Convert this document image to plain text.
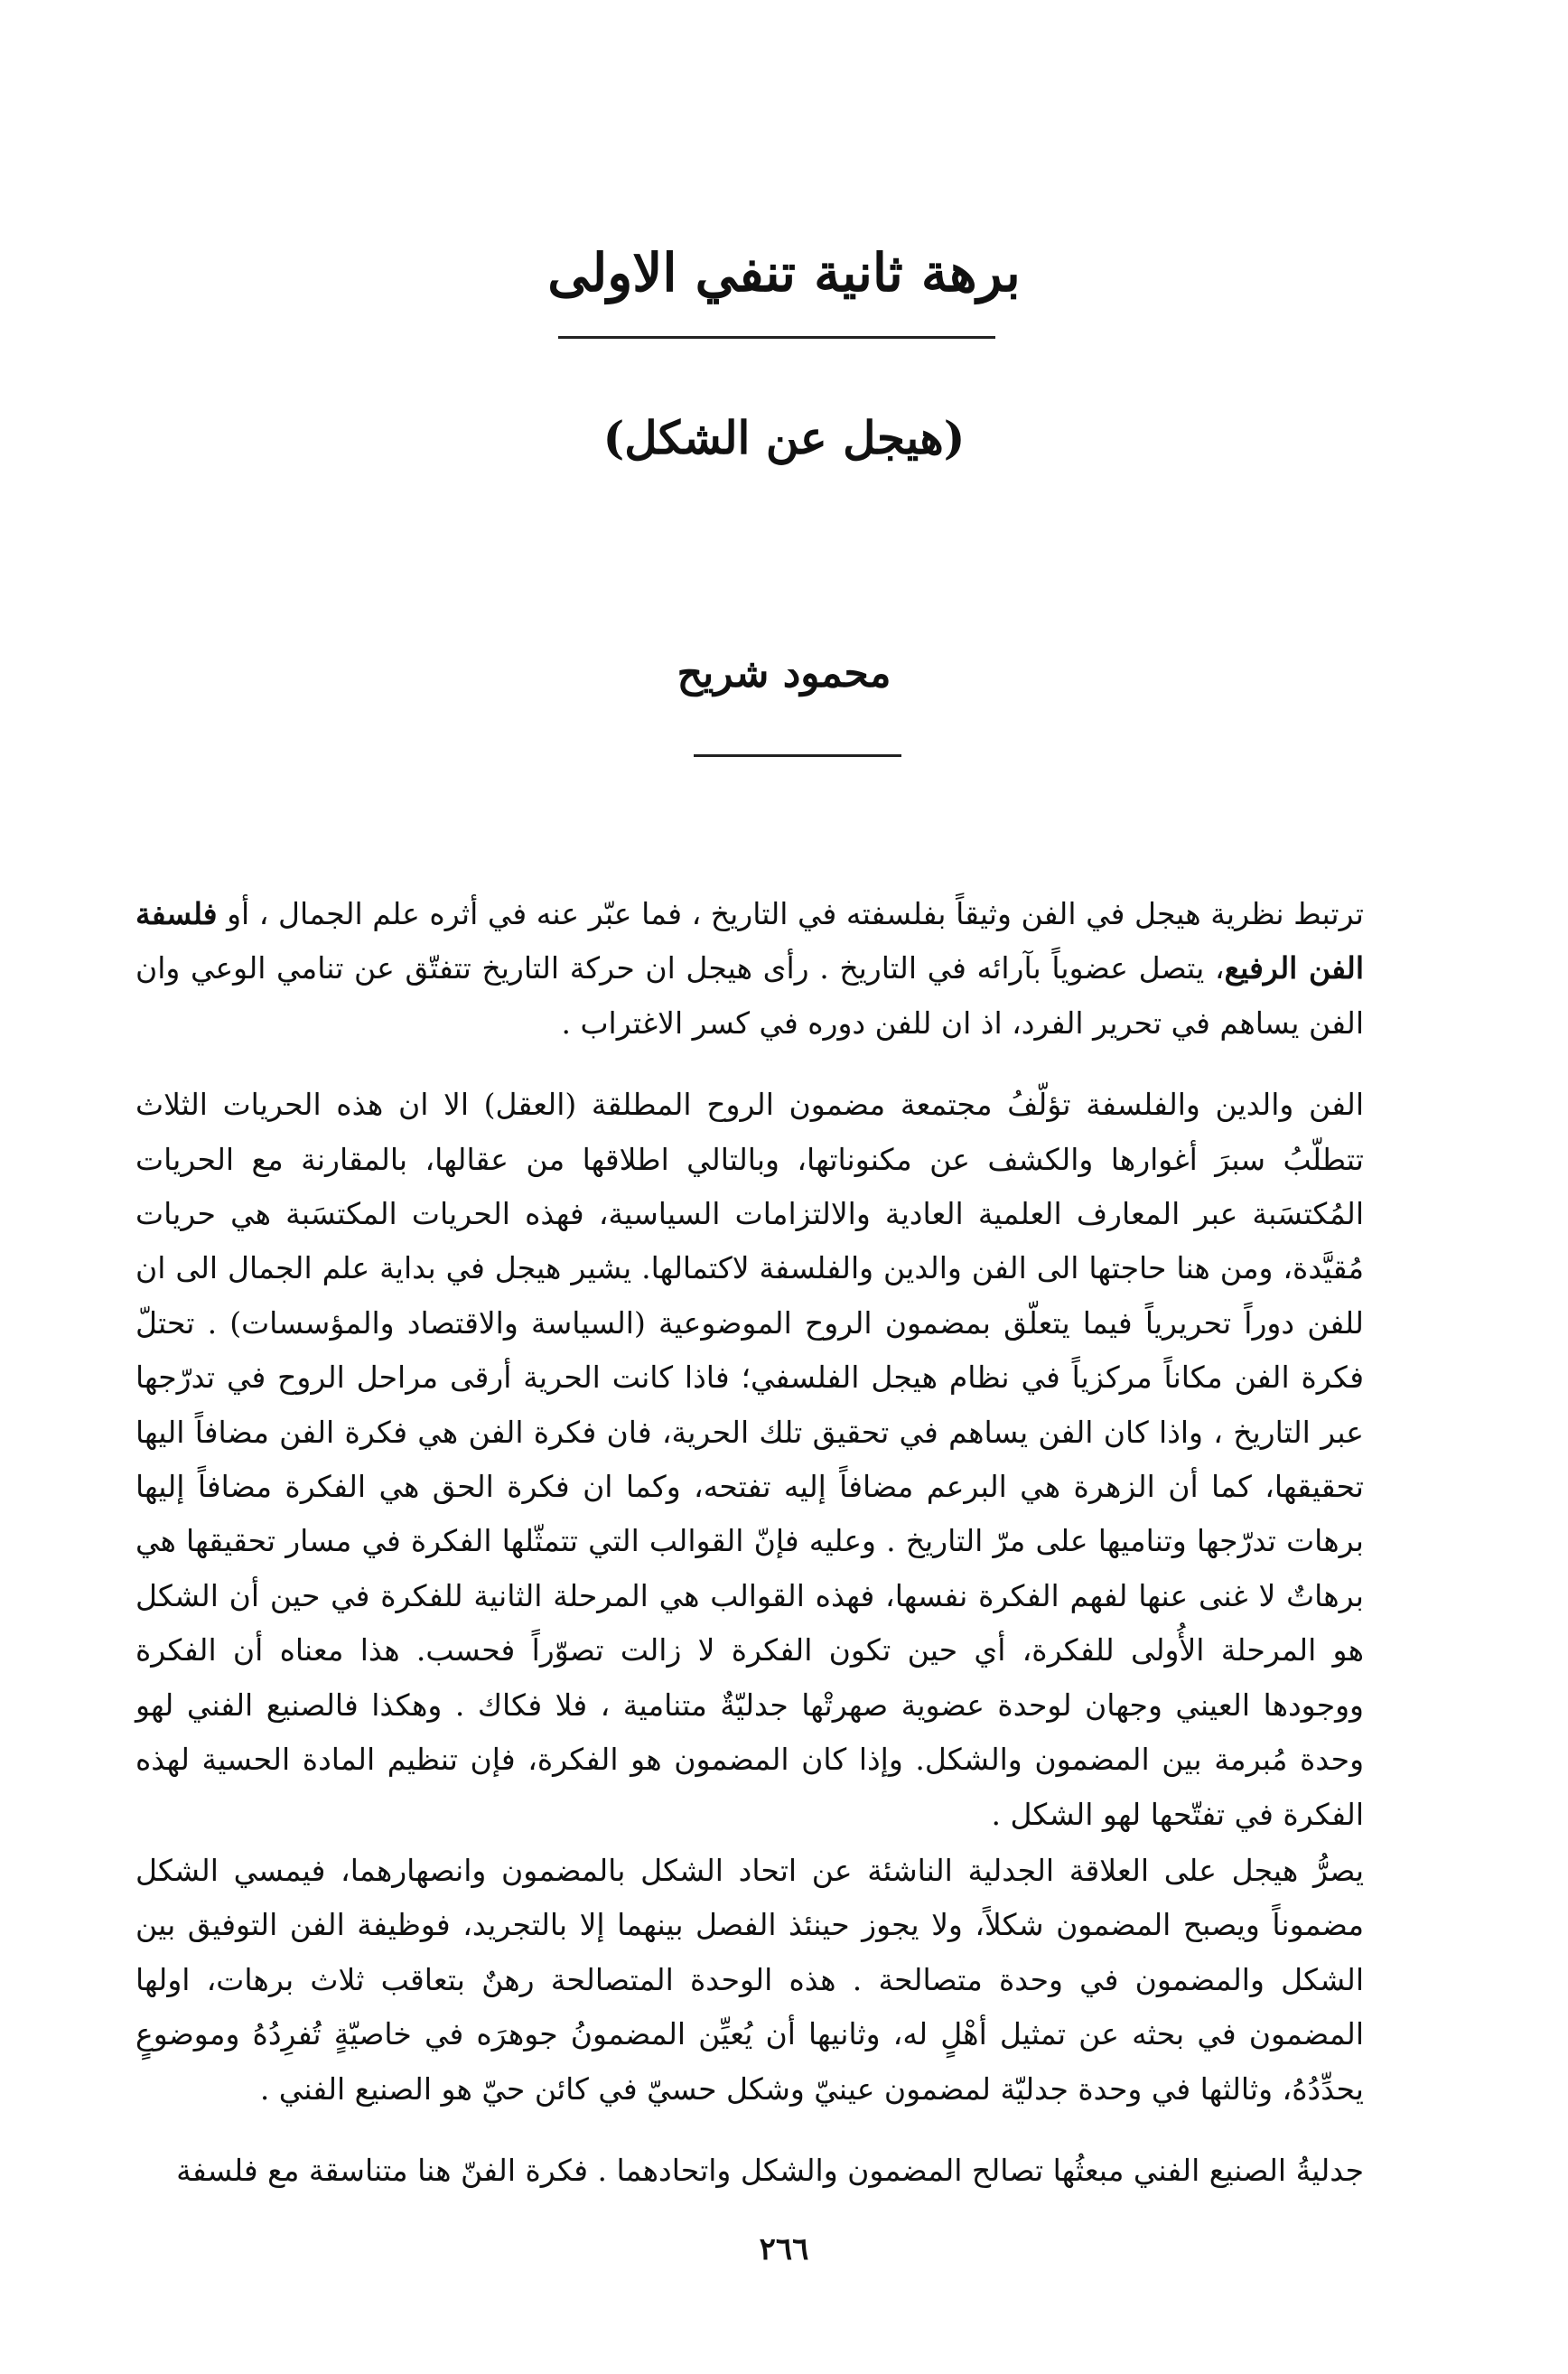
برهة ثانية تنفي الاولى
(هيجل عن الشكل)
محمود شريح

ترتبط نظرية هيجل في الفن وثيقاً بفلسفته في التاريخ ، فما عبّر عنه في أثره علم الجمال ، أو فلسفة الفن الرفيع، يتصل عضوياً بآرائه في التاريخ . رأى هيجل ان حركة التاريخ تتفتّق عن تنامي الوعي وان الفن يساهم في تحرير الفرد، اذ ان للفن دوره في كسر الاغتراب .

الفن والدين والفلسفة تؤلّفُ مجتمعة مضمون الروح المطلقة (العقل) الا ان هذه الحريات الثلاث تتطلّبُ سبرَ أغوارها والكشف عن مكنوناتها، وبالتالي اطلاقها من عقالها، بالمقارنة مع الحريات المُكتسَبة عبر المعارف العلمية العادية والالتزامات السياسية، فهذه الحريات المكتسَبة هي حريات مُقيَّدة، ومن هنا حاجتها الى الفن والدين والفلسفة لاكتمالها. يشير هيجل في بداية علم الجمال الى ان للفن دوراً تحريرياً فيما يتعلّق بمضمون الروح الموضوعية (السياسة والاقتصاد والمؤسسات) . تحتلّ فكرة الفن مكاناً مركزياً في نظام هيجل الفلسفي؛ فاذا كانت الحرية أرقى مراحل الروح في تدرّجها عبر التاريخ ، واذا كان الفن يساهم في تحقيق تلك الحرية، فان فكرة الفن هي فكرة الفن مضافاً اليها تحقيقها، كما أن الزهرة هي البرعم مضافاً إليه تفتحه، وكما ان فكرة الحق هي الفكرة مضافاً إليها برهات تدرّجها وتناميها على مرّ التاريخ . وعليه فإنّ القوالب التي تتمثّلها الفكرة في مسار تحقيقها هي برهاتٌ لا غنى عنها لفهم الفكرة نفسها، فهذه القوالب هي المرحلة الثانية للفكرة في حين أن الشكل هو المرحلة الأُولى للفكرة، أي حين تكون الفكرة لا زالت تصوّراً فحسب. هذا معناه أن الفكرة ووجودها العيني وجهان لوحدة عضوية صهرتْها جدليّةٌ متنامية ، فلا فكاك . وهكذا فالصنيع الفني لهو وحدة مُبرمة بين المضمون والشكل. وإذا كان المضمون هو الفكرة، فإن تنظيم المادة الحسية لهذه الفكرة في تفتّحها لهو الشكل .

يصرُّ هيجل على العلاقة الجدلية الناشئة عن اتحاد الشكل بالمضمون وانصهارهما، فيمسي الشكل مضموناً ويصبح المضمون شكلاً، ولا يجوز حينئذ الفصل بينهما إلا بالتجريد، فوظيفة الفن التوفيق بين الشكل والمضمون في وحدة متصالحة . هذه الوحدة المتصالحة رهنٌ بتعاقب ثلاث برهات، اولها المضمون في بحثه عن تمثيل أهْلٍ له، وثانيها أن يُعيِّن المضمونُ جوهرَه في خاصيّةٍ تُفرِدُهُ وموضوعٍ يحدِّدُهُ، وثالثها في وحدة جدليّة لمضمون عينيّ وشكل حسيّ في كائن حيّ هو الصنيع الفني .

جدليةُ الصنيع الفني مبعثُها تصالح المضمون والشكل واتحادهما . فكرة الفنّ هنا متناسقة مع فلسفة

٢٦٦
